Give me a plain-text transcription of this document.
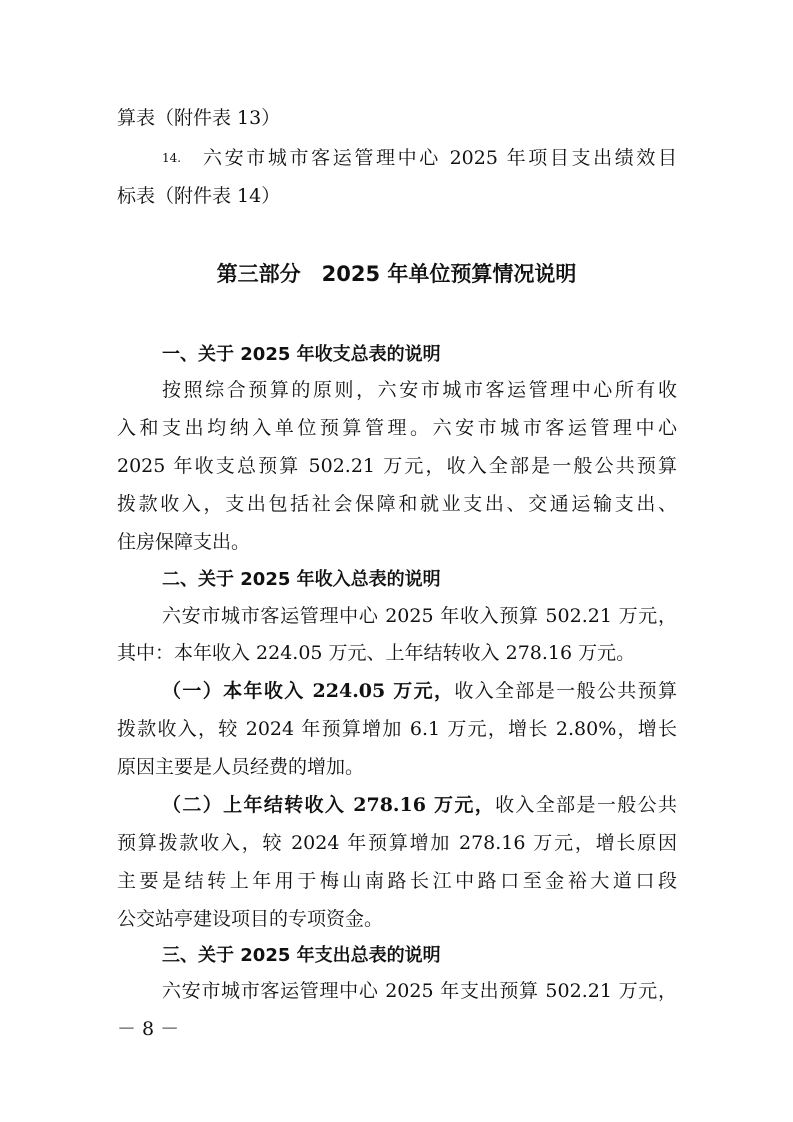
算表（附件表 13）
14. 六安市城市客运管理中心 2025 年项目支出绩效目
标表（附件表 14）
第三部分　2025 年单位预算情况说明
一、关于 2025 年收支总表的说明
按照综合预算的原则，六安市城市客运管理中心所有收
入和支出均纳入单位预算管理。六安市城市客运管理中心
2025 年收支总预算 502.21 万元，收入全部是一般公共预算
拨款收入，支出包括社会保障和就业支出、交通运输支出、
住房保障支出。
二、关于 2025 年收入总表的说明
六安市城市客运管理中心 2025 年收入预算 502.21 万元，
其中：本年收入 224.05 万元、上年结转收入 278.16 万元。
（一）本年收入 224.05 万元，收入全部是一般公共预算
拨款收入，较 2024 年预算增加 6.1 万元，增长 2.80%，增长
原因主要是人员经费的增加。
（二）上年结转收入 278.16 万元，收入全部是一般公共
预算拨款收入，较 2024 年预算增加 278.16 万元，增长原因
主要是结转上年用于梅山南路长江中路口至金裕大道口段
公交站亭建设项目的专项资金。
三、关于 2025 年支出总表的说明
六安市城市客运管理中心 2025 年支出预算 502.21 万元，
－ 8 －
